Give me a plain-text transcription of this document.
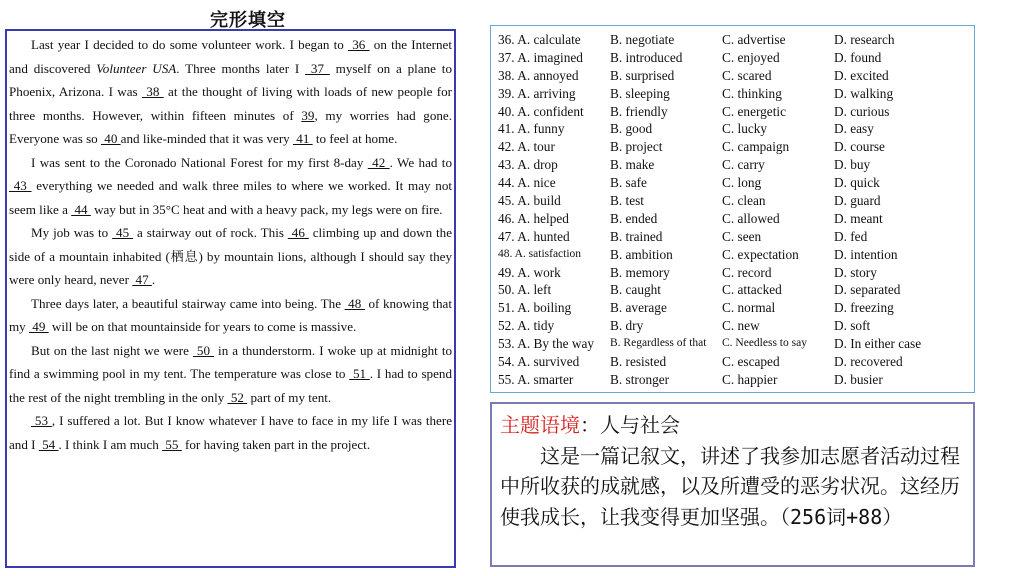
完形填空

Last year I decided to do some volunteer work. I began to  36  on the Internet and discovered Volunteer USA. Three months later I  37  myself on a plane to Phoenix, Arizona. I was  38  at the thought of living with loads of new people for three months. However, within fifteen minutes of 39, my worries had gone. Everyone was so  40 and like-minded that it was very  41  to feel at home.

I was sent to the Coronado National Forest for my first 8-day  42 . We had to  43  everything we needed and walk three miles to where we worked. It may not seem like a  44  way but in 35°C heat and with a heavy pack, my legs were on fire.

My job was to  45  a stairway out of rock. This  46  climbing up and down the side of a mountain inhabited (栖息) by mountain lions, although I should say they were only heard, never  47 .

Three days later, a beautiful stairway came into being. The  48  of knowing that my  49  will be on that mountainside for years to come is massive.

But on the last night we were  50  in a thunderstorm. I woke up at midnight to find a swimming pool in my tent. The temperature was close to  51 . I had to spend the rest of the night trembling in the only  52  part of my tent.

53 , I suffered a lot. But I know whatever I have to face in my life I was there and I  54 . I think I am much  55  for having taken part in the project.

36. A. calculate	B. negotiate	C. advertise	D. research
37. A. imagined	B. introduced	C. enjoyed	D. found
38. A. annoyed	B. surprised	C. scared	D. excited
39. A. arriving	B. sleeping	C. thinking	D. walking
40. A. confident	B. friendly	C. energetic	D. curious
41. A. funny	B. good	C. lucky	D. easy
42. A. tour	B. project	C. campaign	D. course
43. A. drop	B. make	C. carry	D. buy
44. A. nice	B. safe	C. long	D. quick
45. A. build	B. test	C. clean	D. guard
46. A. helped	B. ended	C. allowed	D. meant
47. A. hunted	B. trained	C. seen	D. fed
48. A. satisfaction	B. ambition	C. expectation	D. intention
49. A. work	B. memory	C. record	D. story
50. A. left	B. caught	C. attacked	D. separated
51. A. boiling	B. average	C. normal	D. freezing
52. A. tidy	B. dry	C. new	D. soft
53. A. By the way	B. Regardless of that	C. Needless to say	D. In either case
54. A. survived	B. resisted	C. escaped	D. recovered
55. A. smarter	B. stronger	C. happier	D. busier
主题语境：人与社会
这是一篇记叙文，讲述了我参加志愿者活动过程中所收获的成就感，以及所遭受的恶劣状况。这经历使我成长，让我变得更加坚强。（256词+88）
